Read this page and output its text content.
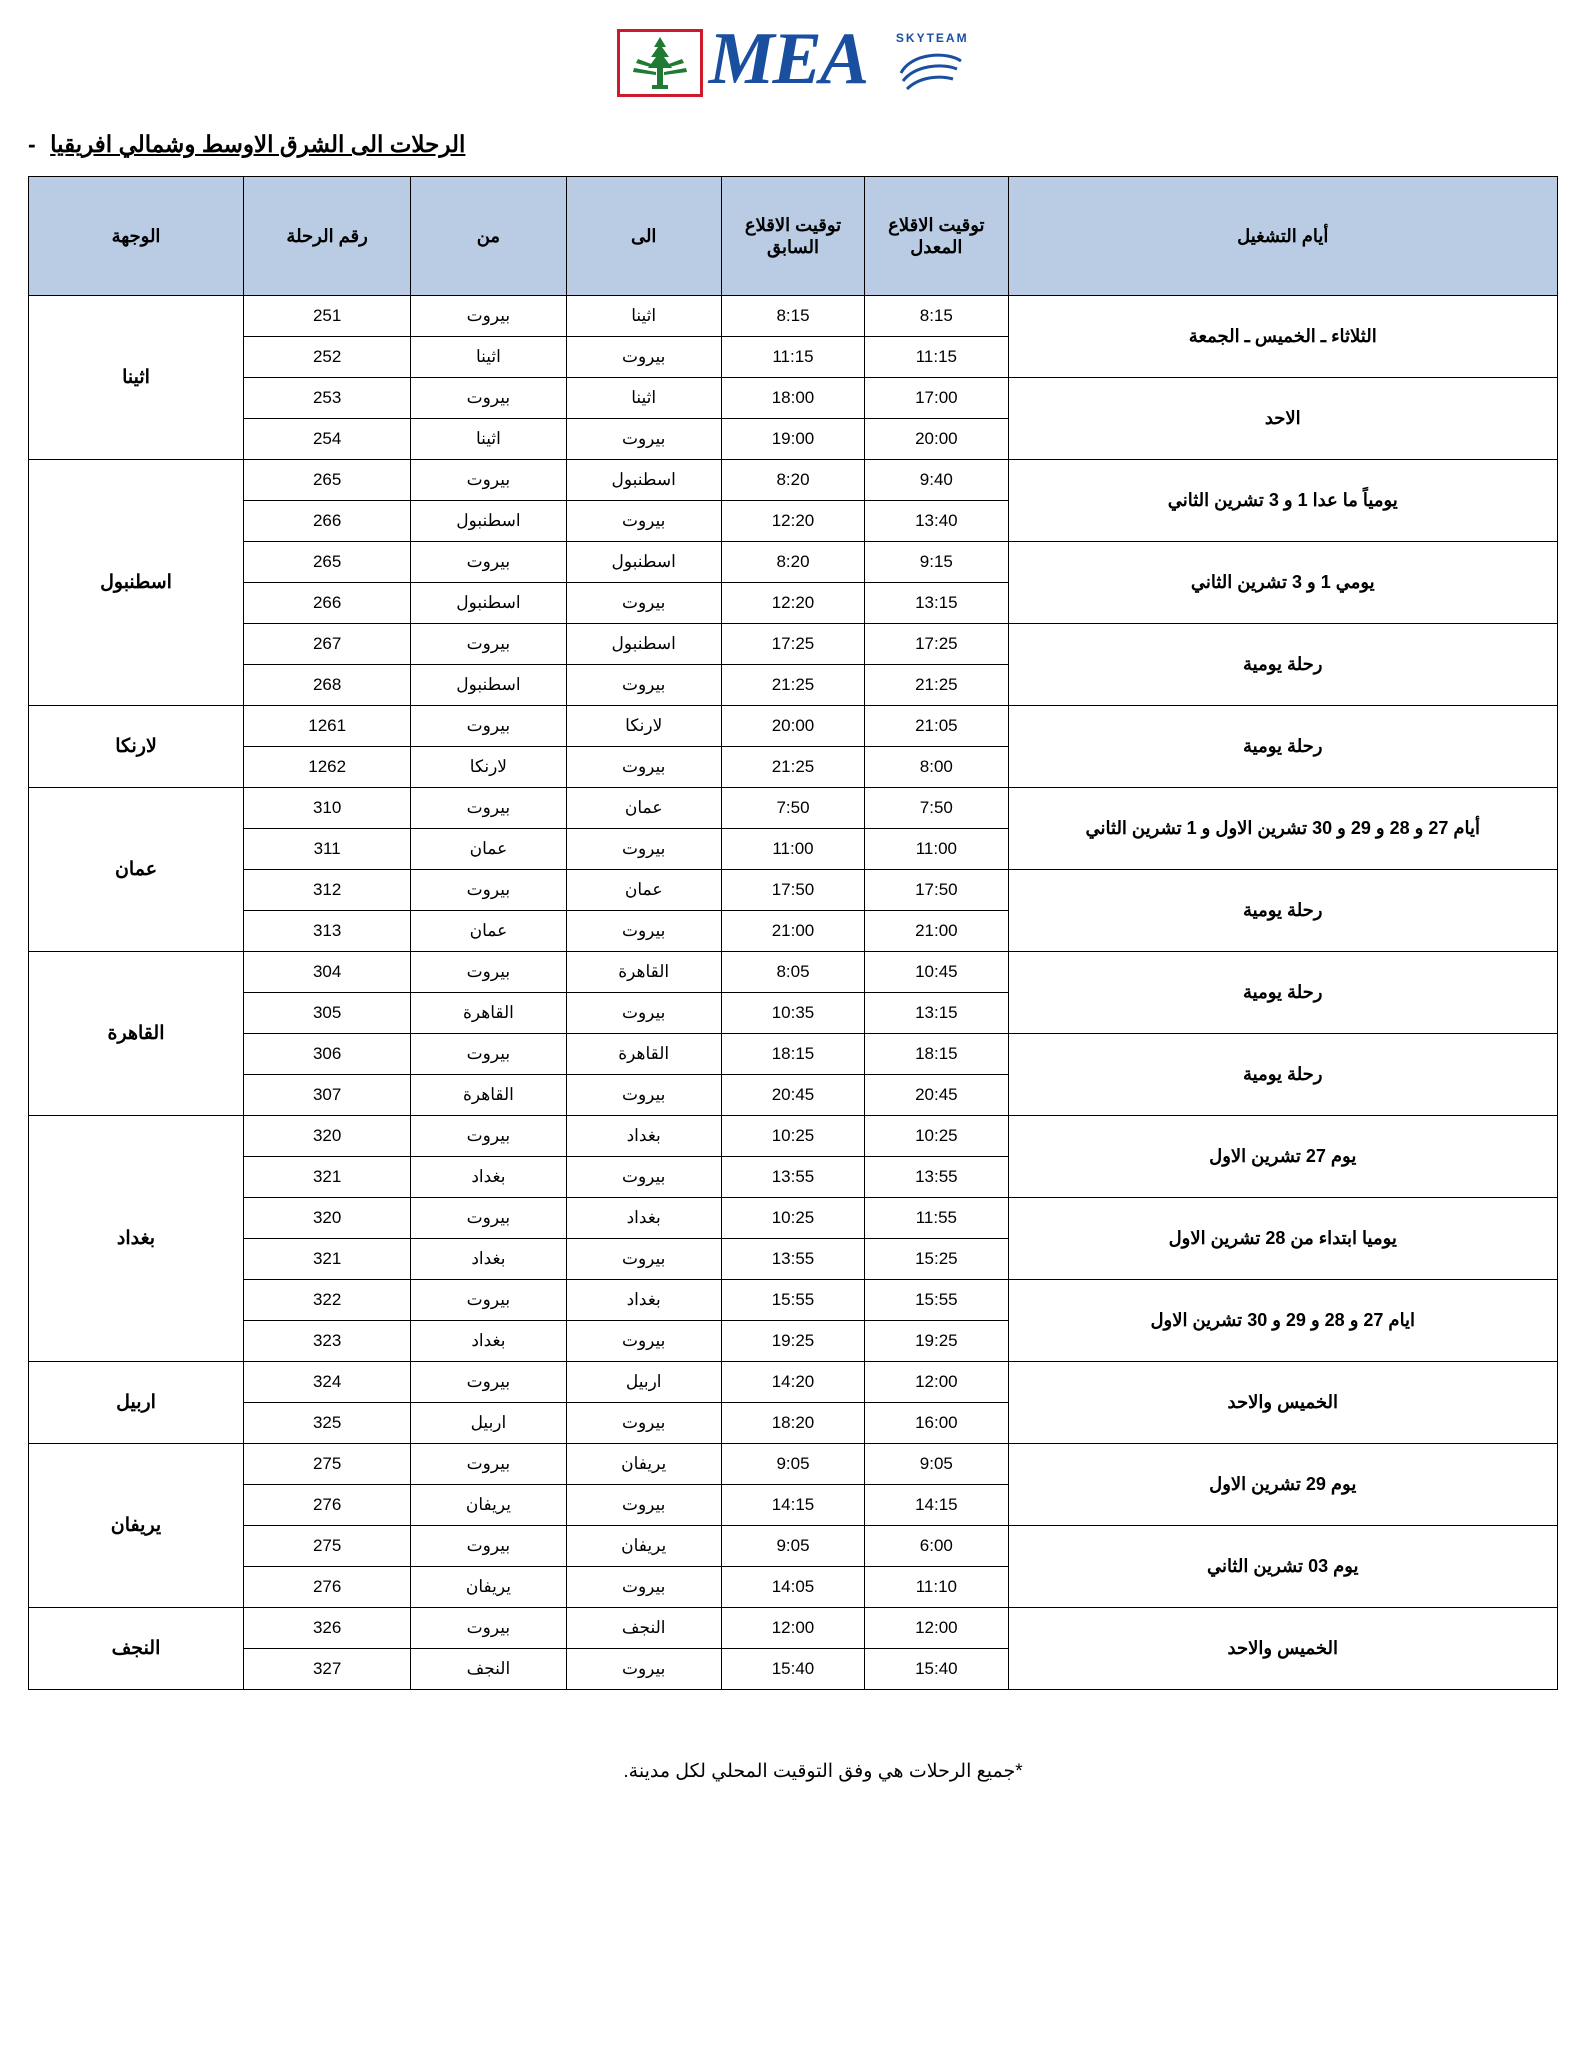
MEA SKYTEAM
الرحلات الى الشرق الاوسط وشمالي افريقيا -
أيام التشغيل	توقيت الاقلاع المعدل	توقيت الاقلاع السابق	الى	من	رقم الرحلة	الوجهة
الثلاثاء ـ الخميس ـ الجمعة	8:15	8:15	اثينا	بيروت	251	اثينا
	11:15	11:15	بيروت	اثينا	252	
الاحد	17:00	18:00	اثينا	بيروت	253	
	20:00	19:00	بيروت	اثينا	254	
يومياً ما عدا 1 و 3 تشرين الثاني	9:40	8:20	اسطنبول	بيروت	265	اسطنبول
	13:40	12:20	بيروت	اسطنبول	266	
يومي 1 و 3 تشرين الثاني	9:15	8:20	اسطنبول	بيروت	265	
	13:15	12:20	بيروت	اسطنبول	266	
رحلة يومية	17:25	17:25	اسطنبول	بيروت	267	
	21:25	21:25	بيروت	اسطنبول	268	
رحلة يومية	21:05	20:00	لارنكا	بيروت	1261	لارنكا
	8:00	21:25	بيروت	لارنكا	1262	
أيام 27 و 28 و 29 و 30 تشرين الاول و 1 تشرين الثاني	7:50	7:50	عمان	بيروت	310	عمان
	11:00	11:00	بيروت	عمان	311	
رحلة يومية	17:50	17:50	عمان	بيروت	312	
	21:00	21:00	بيروت	عمان	313	
رحلة يومية	10:45	8:05	القاهرة	بيروت	304	القاهرة
	13:15	10:35	بيروت	القاهرة	305	
رحلة يومية	18:15	18:15	القاهرة	بيروت	306	
	20:45	20:45	بيروت	القاهرة	307	
يوم 27 تشرين الاول	10:25	10:25	بغداد	بيروت	320	بغداد
	13:55	13:55	بيروت	بغداد	321	
يوميا ابتداء من 28 تشرين الاول	11:55	10:25	بغداد	بيروت	320	
	15:25	13:55	بيروت	بغداد	321	
ايام 27 و 28 و 29 و 30 تشرين الاول	15:55	15:55	بغداد	بيروت	322	
	19:25	19:25	بيروت	بغداد	323	
الخميس والاحد	12:00	14:20	اربيل	بيروت	324	اربيل
	16:00	18:20	بيروت	اربيل	325	
يوم 29 تشرين الاول	9:05	9:05	يريفان	بيروت	275	يريفان
	14:15	14:15	بيروت	يريفان	276	
يوم 03 تشرين الثاني	6:00	9:05	يريفان	بيروت	275	
	11:10	14:05	بيروت	يريفان	276	
الخميس والاحد	12:00	12:00	النجف	بيروت	326	النجف
	15:40	15:40	بيروت	النجف	327	
*جميع الرحلات هي وفق التوقيت المحلي لكل مدينة.
